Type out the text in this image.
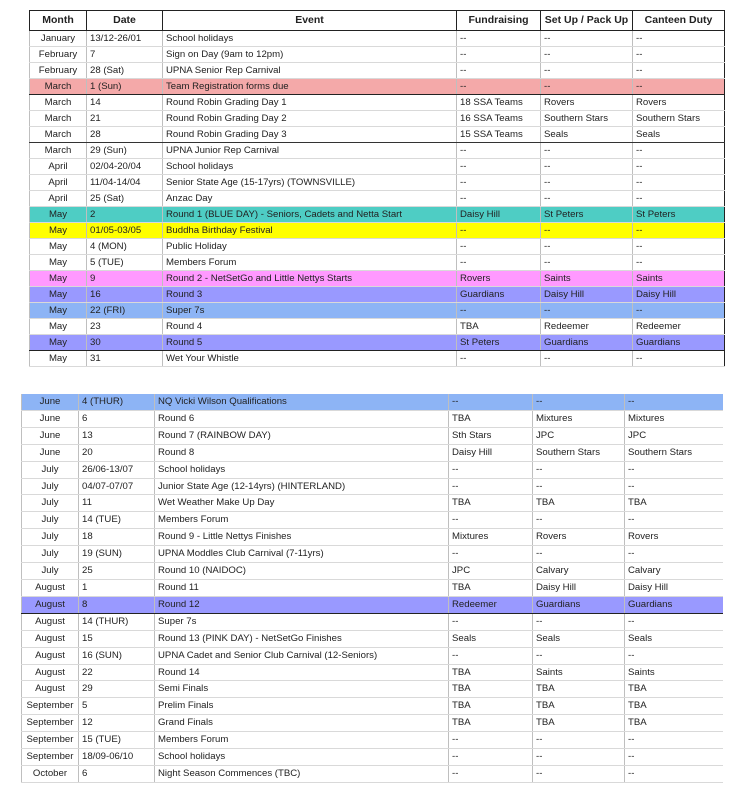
Month	Date	Event	Fundraising	Set Up / Pack Up	Canteen Duty
January	13/12-26/01	School holidays	--	--	--
February	7	Sign on Day (9am to 12pm)	--	--	--
February	28 (Sat)	UPNA Senior Rep Carnival	--	--	--
March	1 (Sun)	Team Registration forms due	--	--	--
March	14	Round Robin Grading Day 1	18 SSA Teams	Rovers	Rovers
March	21	Round Robin Grading Day 2	16 SSA Teams	Southern Stars	Southern Stars
March	28	Round Robin Grading Day 3	15 SSA Teams	Seals	Seals
March	29 (Sun)	UPNA Junior Rep Carnival	--	--	--
April	02/04-20/04	School holidays	--	--	--
April	11/04-14/04	Senior State Age (15-17yrs) (TOWNSVILLE)	--	--	--
April	25 (Sat)	Anzac Day	--	--	--
May	2	Round 1 (BLUE DAY) - Seniors, Cadets and Netta Start	Daisy Hill	St Peters	St Peters
May	01/05-03/05	Buddha Birthday Festival	--	--	--
May	4 (MON)	Public Holiday	--	--	--
May	5 (TUE)	Members Forum	--	--	--
May	9	Round 2 - NetSetGo and Little Nettys Starts	Rovers	Saints	Saints
May	16	Round 3	Guardians	Daisy Hill	Daisy Hill
May	22 (FRI)	Super 7s	--	--	--
May	23	Round 4	TBA	Redeemer	Redeemer
May	30	Round 5	St Peters	Guardians	Guardians
May	31	Wet Your Whistle	--	--	--
June	4 (THUR)	NQ Vicki Wilson Qualifications	--	--	--
June	6	Round 6	TBA	Mixtures	Mixtures
June	13	Round 7 (RAINBOW DAY)	Sth Stars	JPC	JPC
June	20	Round 8	Daisy Hill	Southern Stars	Southern Stars
July	26/06-13/07	School holidays	--	--	--
July	04/07-07/07	Junior State Age (12-14yrs) (HINTERLAND)	--	--	--
July	11	Wet Weather Make Up Day	TBA	TBA	TBA
July	14 (TUE)	Members Forum	--	--	--
July	18	Round 9 - Little Nettys Finishes	Mixtures	Rovers	Rovers
July	19 (SUN)	UPNA Moddles Club Carnival (7-11yrs)	--	--	--
July	25	Round 10 (NAIDOC)	JPC	Calvary	Calvary
August	1	Round 11	TBA	Daisy Hill	Daisy Hill
August	8	Round 12	Redeemer	Guardians	Guardians
August	14 (THUR)	Super 7s	--	--	--
August	15	Round 13 (PINK DAY) - NetSetGo Finishes	Seals	Seals	Seals
August	16 (SUN)	UPNA Cadet and Senior Club Carnival (12-Seniors)	--	--	--
August	22	Round 14	TBA	Saints	Saints
August	29	Semi Finals	TBA	TBA	TBA
September	5	Prelim Finals	TBA	TBA	TBA
September	12	Grand Finals	TBA	TBA	TBA
September	15 (TUE)	Members Forum	--	--	--
September	18/09-06/10	School holidays	--	--	--
October	6	Night Season Commences (TBC)	--	--	--
